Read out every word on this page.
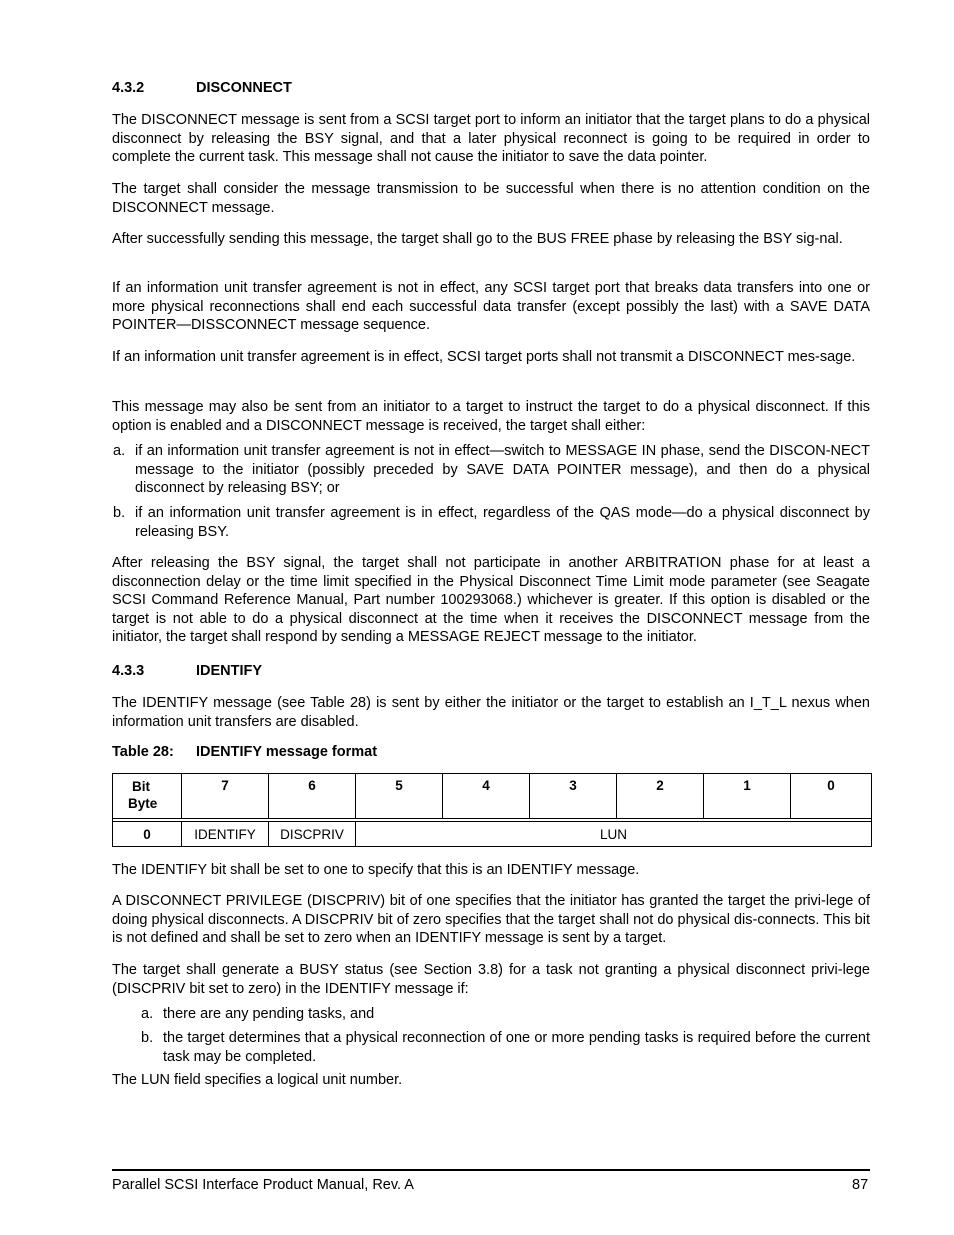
4.3.2	DISCONNECT

The DISCONNECT message is sent from a SCSI target port to inform an initiator that the target plans to do a physical disconnect by releasing the BSY signal, and that a later physical reconnect is going to be required in order to complete the current task. This message shall not cause the initiator to save the data pointer.

The target shall consider the message transmission to be successful when there is no attention condition on the DISCONNECT message.

After successfully sending this message, the target shall go to the BUS FREE phase by releasing the BSY sig-nal.

If an information unit transfer agreement is not in effect, any SCSI target port that breaks data transfers into one or more physical reconnections shall end each successful data transfer (except possibly the last) with a SAVE DATA POINTER—DISSCONNECT message sequence.

If an information unit transfer agreement is in effect, SCSI target ports shall not transmit a DISCONNECT mes-sage.

This message may also be sent from an initiator to a target to instruct the target to do a physical disconnect. If this option is enabled and a DISCONNECT message is received, the target shall either:

a. if an information unit transfer agreement is not in effect—switch to MESSAGE IN phase, send the DISCON-NECT message to the initiator (possibly preceded by SAVE DATA POINTER message), and then do a physical disconnect by releasing BSY; or
b. if an information unit transfer agreement is in effect, regardless of the QAS mode—do a physical disconnect by releasing BSY.

After releasing the BSY signal, the target shall not participate in another ARBITRATION phase for at least a disconnection delay or the time limit specified in the Physical Disconnect Time Limit mode parameter (see Seagate SCSI Command Reference Manual, Part number 100293068.) whichever is greater. If this option is disabled or the target is not able to do a physical disconnect at the time when it receives the DISCONNECT message from the initiator, the target shall respond by sending a MESSAGE REJECT message to the initiator.

4.3.3	IDENTIFY

The IDENTIFY message (see Table 28) is sent by either the initiator or the target to establish an I_T_L nexus when information unit transfers are disabled.

Table 28: IDENTIFY message format
Bit
Byte	7	6	5	4	3	2	1	0

0	IDENTIFY	DISCPRIV	LUN					

The IDENTIFY bit shall be set to one to specify that this is an IDENTIFY message.

A DISCONNECT PRIVILEGE (DISCPRIV) bit of one specifies that the initiator has granted the target the privi-lege of doing physical disconnects. A DISCPRIV bit of zero specifies that the target shall not do physical dis-connects. This bit is not defined and shall be set to zero when an IDENTIFY message is sent by a target.

The target shall generate a BUSY status (see Section 3.8) for a task not granting a physical disconnect privi-lege (DISCPRIV bit set to zero) in the IDENTIFY message if:

a. there are any pending tasks, and
b. the target determines that a physical reconnection of one or more pending tasks is required before the current task may be completed.

The LUN field specifies a logical unit number.

Parallel SCSI Interface Product Manual, Rev. A	87
